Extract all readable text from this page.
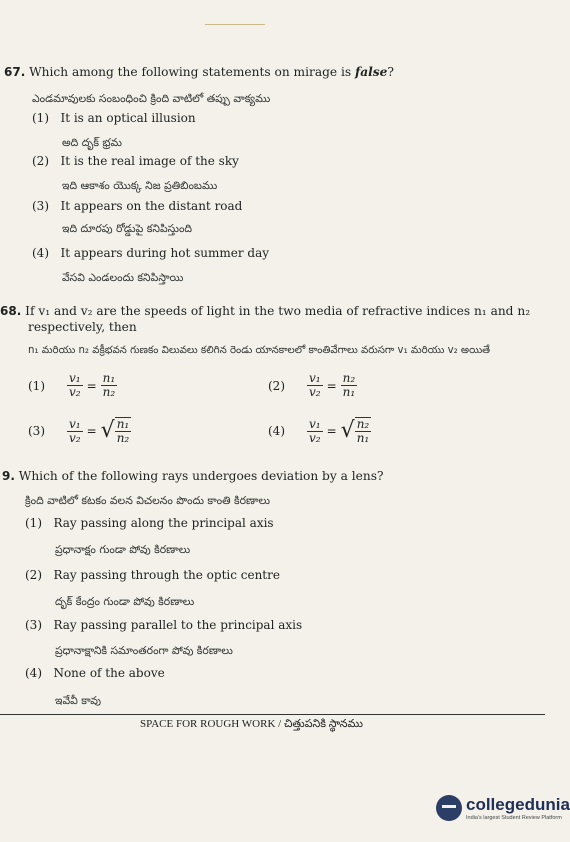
67. Which among the following statements on mirage is false?
ఎండమావులకు సంబంధించి క్రింది వాటిలో తప్పు వాక్యము
(1) It is an optical illusion
అది దృక్ భ్రమ
(2) It is the real image of the sky
ఇది ఆకాశం యొక్క నిజ ప్రతిబింబము
(3) It appears on the distant road
ఇది దూరపు రోడ్డుపై కనిపిస్తుంది
(4) It appears during hot summer day
వేసవి ఎండలందు కనిపిస్తాయి
68. If v₁ and v₂ are the speeds of light in the two media of refractive indices n₁ and n₂
respectively, then
n₁ మరియు n₂ వక్రీభవన గుణకం విలువలు కలిగిన రెండు యానకాలలో కాంతివేగాలు వరుసగా v₁ మరియు v₂ అయితే
$(1) \frac{\text{v₁}}{\text{v₂}} = \frac{\text{n₁}}{\text{n₂}}$	$(2) \frac{\text{v₁}}{\text{v₂}} = \frac{\text{n₂}}{\text{n₁}}$
$(3) \frac{\text{v₁}}{\text{v₂}}$ = √ $\frac{\text{n₁}}{\text{n₂}}$	$(4) \frac{\text{v₁}}{\text{v₂}}$ = √ $\frac{\text{n₂}}{\text{n₁}}$
9. Which of the following rays undergoes deviation by a lens?
క్రింది వాటిలో కటకం వలన విచలనం పొందు కాంతి కిరణాలు
(1) Ray passing along the principal axis
ప్రధానాక్షం గుండా పోవు కిరణాలు
(2) Ray passing through the optic centre
దృక్ కేంద్రం గుండా పోవు కిరణాలు
(3) Ray passing parallel to the principal axis
ప్రధానాక్షానికి సమాంతరంగా పోవు కిరణాలు
(4) None of the above
ఇవేవీ కావు
SPACE FOR ROUGH WORK / చిత్తుపనికి స్థానము
collegedunia
India's largest Student Review Platform
